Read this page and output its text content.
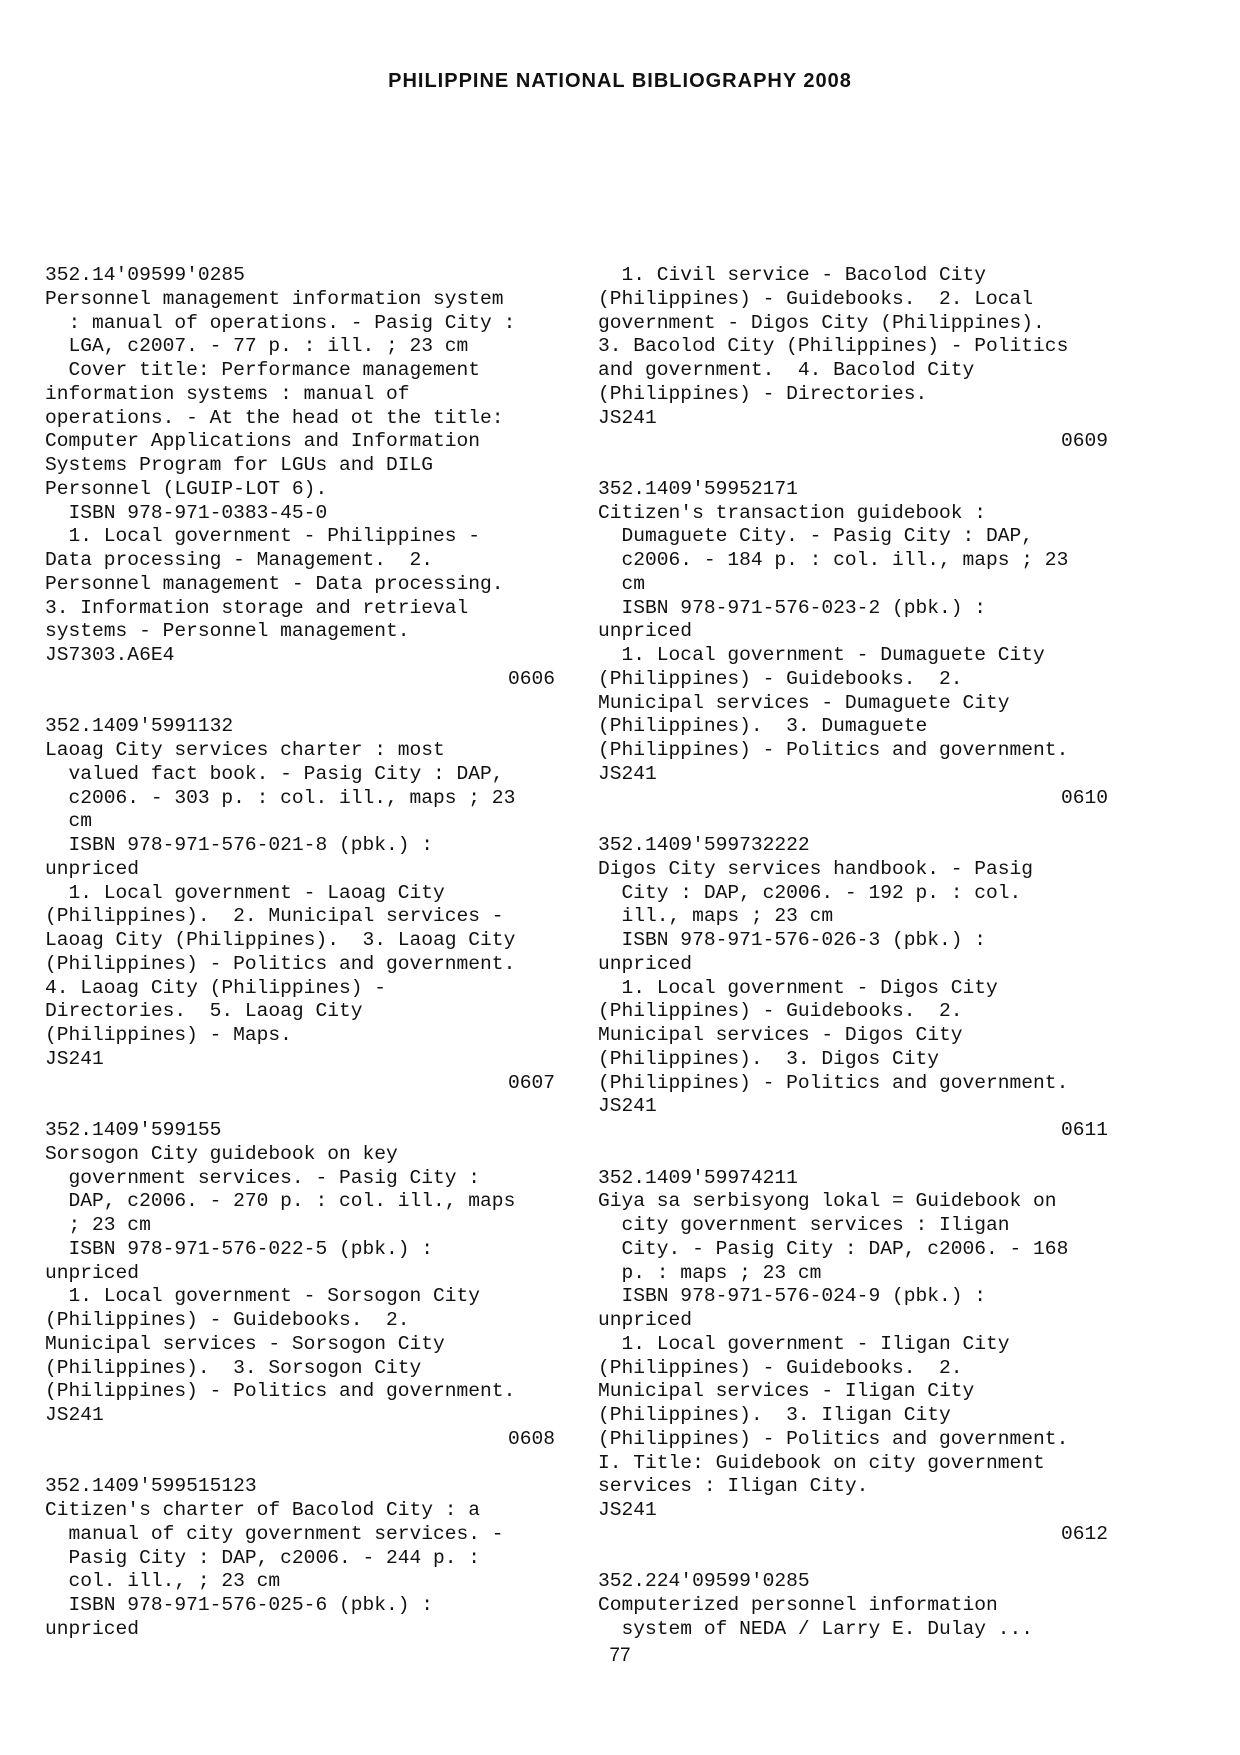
PHILIPPINE NATIONAL BIBLIOGRAPHY 2008
352.14'09599'0285
Personnel management information system
: manual of operations. - Pasig City :
LGA, c2007. - 77 p. : ill. ; 23 cm
Cover title: Performance management
information systems : manual of
operations. - At the head ot the title:
Computer Applications and Information
Systems Program for LGUs and DILG
Personnel (LGUIP-LOT 6).
ISBN 978-971-0383-45-0
1. Local government - Philippines -
Data processing - Management.  2.
Personnel management - Data processing.
3. Information storage and retrieval
systems - Personnel management.
JS7303.A6E4
0606
352.1409'5991132
Laoag City services charter : most
valued fact book. - Pasig City : DAP,
c2006. - 303 p. : col. ill., maps ; 23
cm
ISBN 978-971-576-021-8 (pbk.) :
unpriced
1. Local government - Laoag City
(Philippines).  2. Municipal services -
Laoag City (Philippines).  3. Laoag City
(Philippines) - Politics and government.
4. Laoag City (Philippines) -
Directories.  5. Laoag City
(Philippines) - Maps.
JS241
0607
352.1409'599155
Sorsogon City guidebook on key
government services. - Pasig City :
DAP, c2006. - 270 p. : col. ill., maps
; 23 cm
ISBN 978-971-576-022-5 (pbk.) :
unpriced
1. Local government - Sorsogon City
(Philippines) - Guidebooks.  2.
Municipal services - Sorsogon City
(Philippines).  3. Sorsogon City
(Philippines) - Politics and government.
JS241
0608
352.1409'599515123
Citizen's charter of Bacolod City : a
manual of city government services. -
Pasig City : DAP, c2006. - 244 p. :
col. ill., ; 23 cm
ISBN 978-971-576-025-6 (pbk.) :
unpriced
1. Civil service - Bacolod City
(Philippines) - Guidebooks.  2. Local
government - Digos City (Philippines).
3. Bacolod City (Philippines) - Politics
and government.  4. Bacolod City
(Philippines) - Directories.
JS241
0609
352.1409'59952171
Citizen's transaction guidebook :
Dumaguete City. - Pasig City : DAP,
c2006. - 184 p. : col. ill., maps ; 23
cm
ISBN 978-971-576-023-2 (pbk.) :
unpriced
1. Local government - Dumaguete City
(Philippines) - Guidebooks.  2.
Municipal services - Dumaguete City
(Philippines).  3. Dumaguete
(Philippines) - Politics and government.
JS241
0610
352.1409'599732222
Digos City services handbook. - Pasig
City : DAP, c2006. - 192 p. : col.
ill., maps ; 23 cm
ISBN 978-971-576-026-3 (pbk.) :
unpriced
1. Local government - Digos City
(Philippines) - Guidebooks.  2.
Municipal services - Digos City
(Philippines).  3. Digos City
(Philippines) - Politics and government.
JS241
0611
352.1409'59974211
Giya sa serbisyong lokal = Guidebook on
city government services : Iligan
City. - Pasig City : DAP, c2006. - 168
p. : maps ; 23 cm
ISBN 978-971-576-024-9 (pbk.) :
unpriced
1. Local government - Iligan City
(Philippines) - Guidebooks.  2.
Municipal services - Iligan City
(Philippines).  3. Iligan City
(Philippines) - Politics and government.
I. Title: Guidebook on city government
services : Iligan City.
JS241
0612
352.224'09599'0285
Computerized personnel information
system of NEDA / Larry E. Dulay ...
77
